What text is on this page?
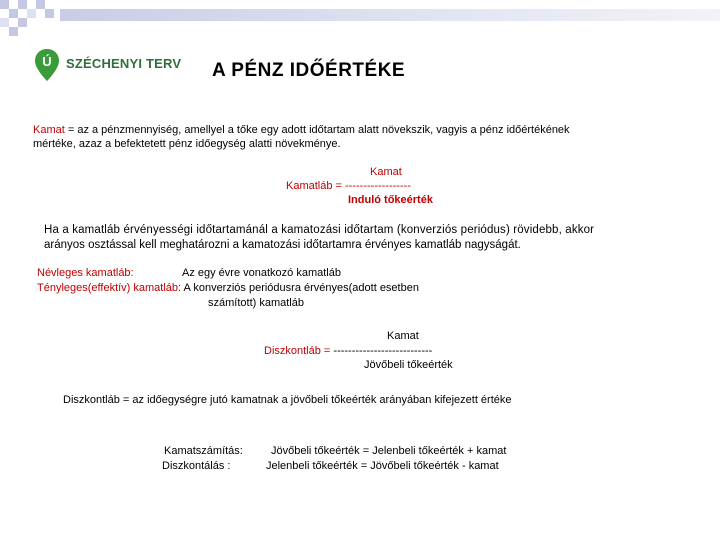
Ú SZÉCHENYI TERV A PÉNZ IDŐÉRTÉKE
Kamat = az a pénzmennyiség, amellyel a tőke egy adott időtartam alatt növekszik, vagyis a pénz időértékének
mértéke, azaz a befektetett pénz időegység alatti növekménye.
Kamat
Kamatláb = ------------------
Induló tőkeérték
Ha a kamatláb érvényességi időtartamánál a kamatozási időtartam (konverziós periódus) rövidebb, akkor
arányos osztással kell meghatározni a kamatozási időtartamra érvényes kamatláb nagyságát.
Névleges kamatláb:	Az egy évre vonatkozó kamatláb
Tényleges(effektív) kamatláb: A konverziós periódusra érvényes(adott esetben
számított) kamatláb
Kamat
Diszkontláb = ---------------------------
Jövőbeli tőkeérték
Diszkontláb = az időegységre jutó kamatnak a jövőbeli tőkeérték arányában kifejezett értéke
Kamatszámítás:	Jövőbeli tőkeérték = Jelenbeli tőkeérték + kamat
Diszkontálás :	Jelenbeli tőkeérték = Jövőbeli tőkeérték - kamat
